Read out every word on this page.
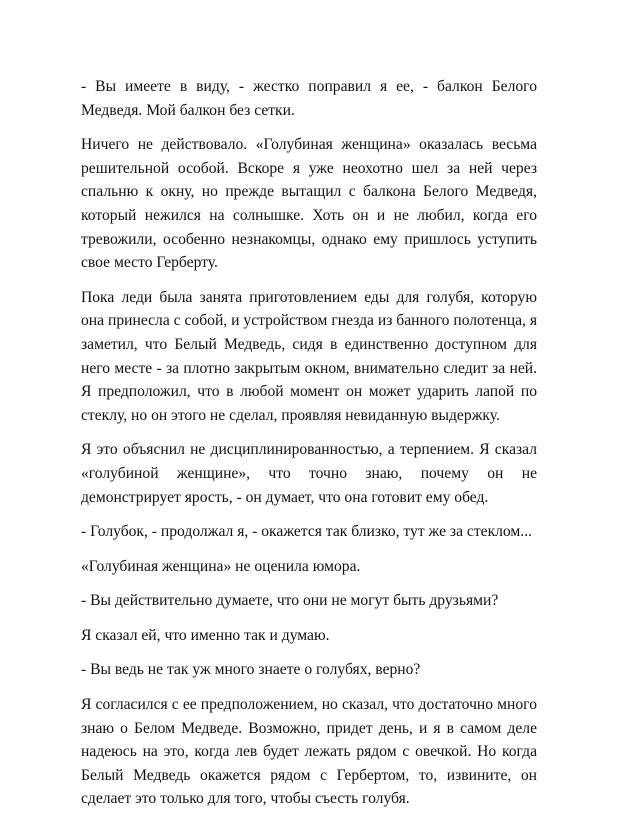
- Вы имеете в виду, - жестко поправил я ее, - балкон Белого Медведя. Мой балкон без сетки.

Ничего не действовало. «Голубиная женщина» оказалась весьма решительной особой. Вскоре я уже неохотно шел за ней через спальню к окну, но прежде вытащил с балкона Белого Медведя, который нежился на солнышке. Хоть он и не любил, когда его тревожили, особенно незнакомцы, однако ему пришлось уступить свое место Герберту.

Пока леди была занята приготовлением еды для голубя, которую она принесла с собой, и устройством гнезда из банного полотенца, я заметил, что Белый Медведь, сидя в единственно доступном для него месте - за плотно закрытым окном, внимательно следит за ней. Я предположил, что в любой момент он может ударить лапой по стеклу, но он этого не сделал, проявляя невиданную выдержку.

Я это объяснил не дисциплинированностью, а терпением. Я сказал «голубиной женщине», что точно знаю, почему он не демонстрирует ярость, - он думает, что она готовит ему обед.

- Голубок, - продолжал я, - окажется так близко, тут же за стеклом...

«Голубиная женщина» не оценила юмора.

- Вы действительно думаете, что они не могут быть друзьями?

Я сказал ей, что именно так и думаю.

- Вы ведь не так уж много знаете о голубях, верно?

Я согласился с ее предположением, но сказал, что достаточно много знаю о Белом Медведе. Возможно, придет день, и я в самом деле надеюсь на это, когда лев будет лежать рядом с овечкой. Но когда Белый Медведь окажется рядом с Гербертом, то, извините, он сделает это только для того, чтобы съесть голубя.
